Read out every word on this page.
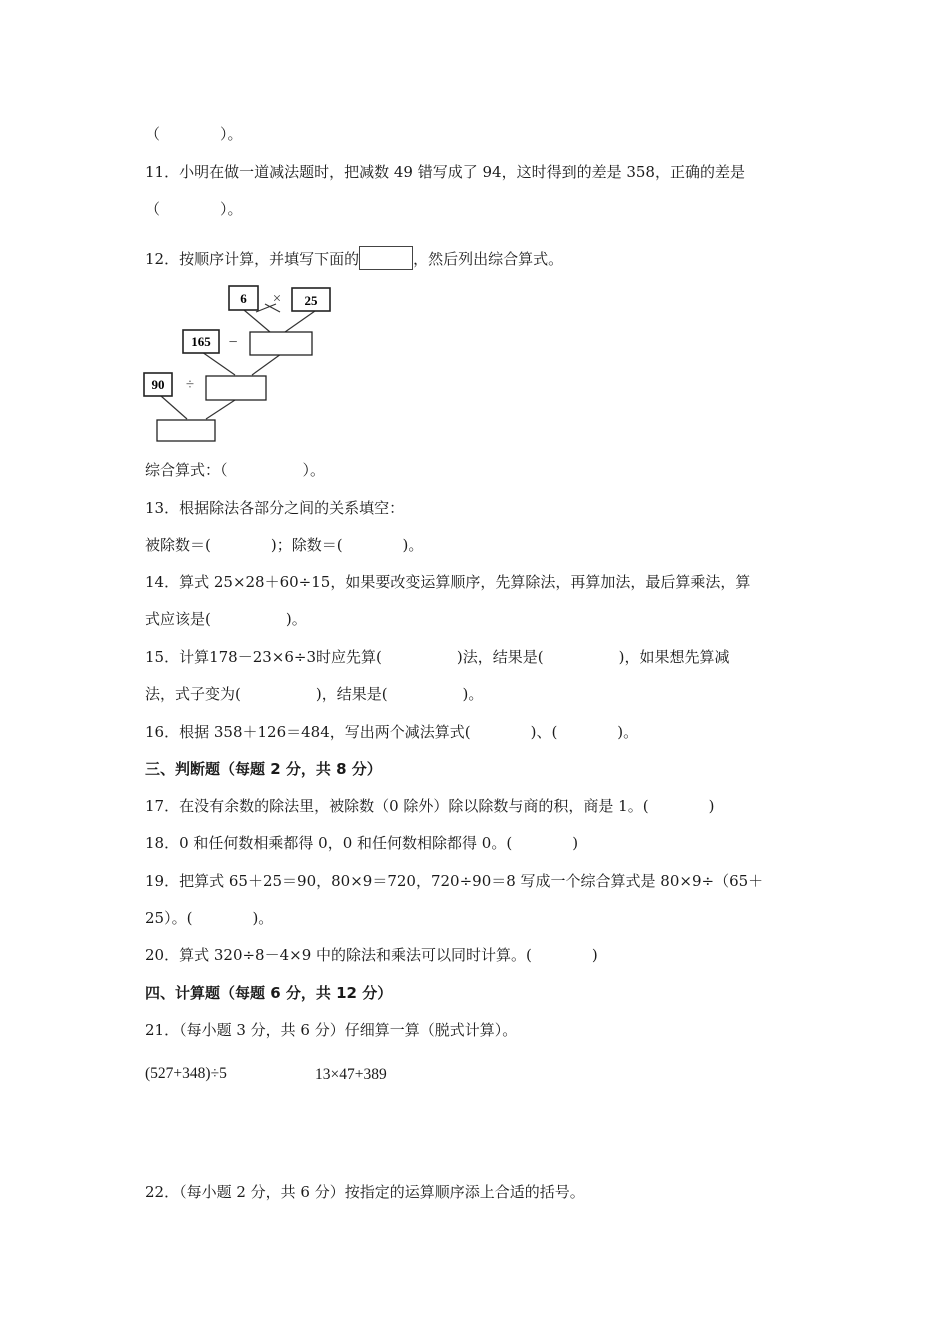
（　　　　）。
11．小明在做一道减法题时，把减数 49 错写成了 94，这时得到的差是 358，正确的差是
（　　　　）。
12．按顺序计算，并填写下面的	，然后列出综合算式。
6 × 25
165 −
90 ÷
综合算式：（　　　　　）。
13．根据除法各部分之间的关系填空：
被除数＝(　　　　)；除数＝(　　　　)。
14．算式 25×28＋60÷15，如果要改变运算顺序，先算除法，再算加法，最后算乘法，算
式应该是(　　　　　)。
15．计算178－23×6÷3时应先算(　　　　　)法，结果是(　　　　　)，如果想先算减
法，式子变为(　　　　　)，结果是(　　　　　)。
16．根据 358＋126＝484，写出两个减法算式(　　　　)、(　　　　)。
三、判断题（每题 2 分，共 8 分）
17．在没有余数的除法里，被除数（0 除外）除以除数与商的积，商是 1。(　　　　)
18．0 和任何数相乘都得 0，0 和任何数相除都得 0。(　　　　)
19．把算式 65＋25＝90，80×9＝720，720÷90＝8 写成一个综合算式是 80×9÷（65＋
25）。(　　　　)。
20．算式 320÷8－4×9 中的除法和乘法可以同时计算。(　　　　)
四、计算题（每题 6 分，共 12 分）
21．（每小题 3 分，共 6 分）仔细算一算（脱式计算）。
(527+348)÷5	13×47+389
22．（每小题 2 分，共 6 分）按指定的运算顺序添上合适的括号。
